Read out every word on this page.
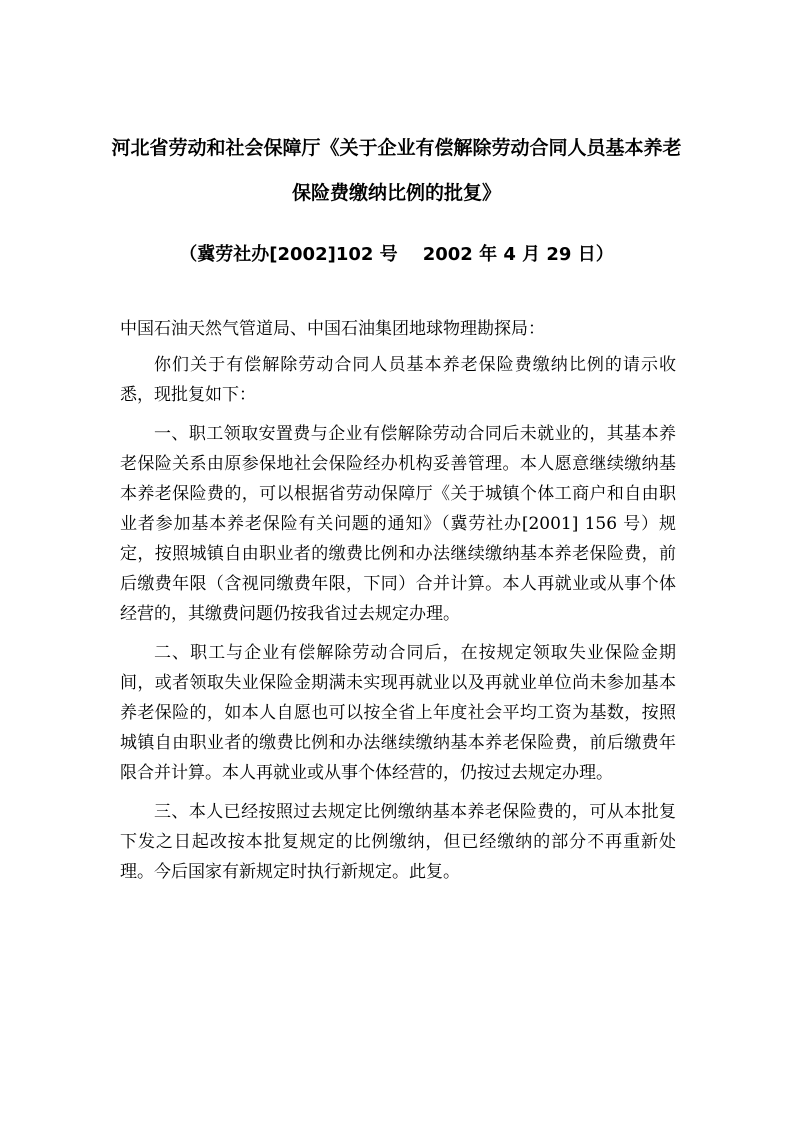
河北省劳动和社会保障厅《关于企业有偿解除劳动合同人员基本养老
保险费缴纳比例的批复》
（冀劳社办[2002]102 号    2002 年 4 月 29 日）

中国石油天然气管道局、中国石油集团地球物理勘探局：

你们关于有偿解除劳动合同人员基本养老保险费缴纳比例的请示收悉，现批复如下：

一、职工领取安置费与企业有偿解除劳动合同后未就业的，其基本养老保险关系由原参保地社会保险经办机构妥善管理。本人愿意继续缴纳基本养老保险费的，可以根据省劳动保障厅《关于城镇个体工商户和自由职业者参加基本养老保险有关问题的通知》（冀劳社办[2001] 156 号）规定，按照城镇自由职业者的缴费比例和办法继续缴纳基本养老保险费，前后缴费年限（含视同缴费年限，下同）合并计算。本人再就业或从事个体经营的，其缴费问题仍按我省过去规定办理。

二、职工与企业有偿解除劳动合同后，在按规定领取失业保险金期间，或者领取失业保险金期满未实现再就业以及再就业单位尚未参加基本养老保险的，如本人自愿也可以按全省上年度社会平均工资为基数，按照城镇自由职业者的缴费比例和办法继续缴纳基本养老保险费，前后缴费年限合并计算。本人再就业或从事个体经营的，仍按过去规定办理。

三、本人已经按照过去规定比例缴纳基本养老保险费的，可从本批复下发之日起改按本批复规定的比例缴纳，但已经缴纳的部分不再重新处理。今后国家有新规定时执行新规定。此复。
